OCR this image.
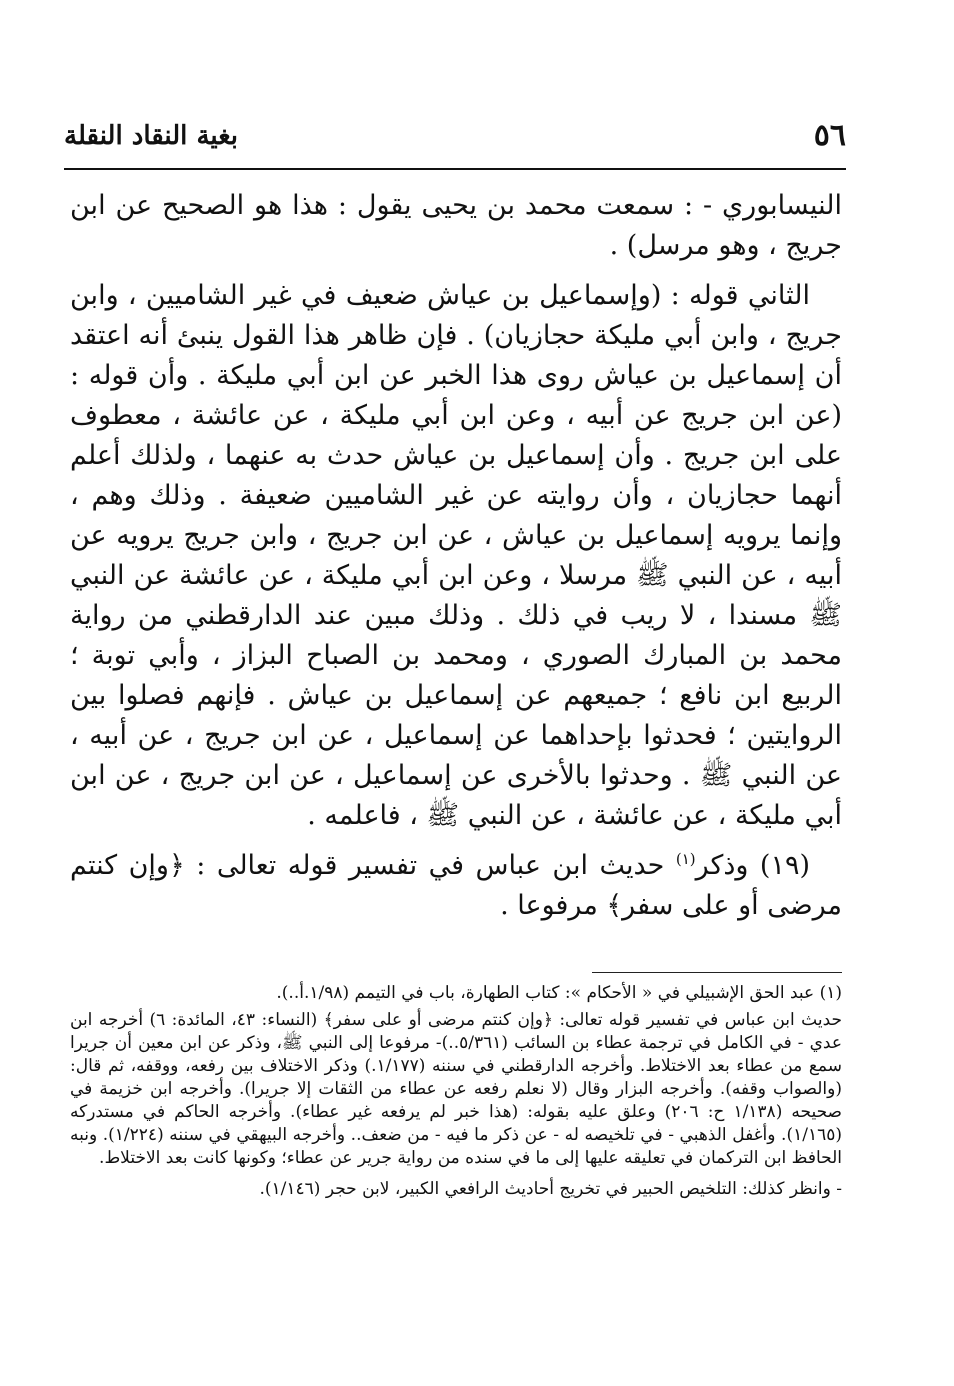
٥٦
بغية النقاد النقلة

النيسابوري - : سمعت محمد بن يحيى يقول : هذا هو الصحيح عن ابن جريج ، وهو مرسل) .

الثاني قوله : (وإسماعيل بن عياش ضعيف في غير الشاميين ، وابن جريج ، وابن أبي مليكة حجازيان) . فإن ظاهر هذا القول ينبئ أنه اعتقد أن إسماعيل بن عياش روى هذا الخبر عن ابن أبي مليكة . وأن قوله : (عن ابن جريج عن أبيه ، وعن ابن أبي مليكة ، عن عائشة ، معطوف على ابن جريج . وأن إسماعيل بن عياش حدث به عنهما ، ولذلك أعلم أنهما حجازيان ، وأن روايته عن غير الشاميين ضعيفة . وذلك وهم ، وإنما يرويه إسماعيل بن عياش ، عن ابن جريج ، وابن جريج يرويه عن أبيه ، عن النبي ﷺ مرسلا ، وعن ابن أبي مليكة ، عن عائشة عن النبي ﷺ مسندا ، لا ريب في ذلك . وذلك مبين عند الدارقطني من رواية محمد بن المبارك الصوري ، ومحمد بن الصباح البزاز ، وأبي توبة ؛ الربيع ابن نافع ؛ جميعهم عن إسماعيل بن عياش . فإنهم فصلوا بين الروايتين ؛ فحدثوا بإحداهما عن إسماعيل ، عن ابن جريج ، عن أبيه ، عن النبي ﷺ . وحدثوا بالأخرى عن إسماعيل ، عن ابن جريج ، عن ابن أبي مليكة ، عن عائشة ، عن النبي ﷺ ، فاعلمه .

(١٩) وذكر$^{(١)}$ حديث ابن عباس في تفسير قوله تعالى : ﴿وإن كنتم مرضى أو على سفر﴾ مرفوعا .

(١) عبد الحق الإشبيلي في « الأحكام »: كتاب الطهارة، باب في التيمم (١/٩٨.أ..).

حديث ابن عباس في تفسير قوله تعالى: ﴿وإن كنتم مرضى أو على سفر﴾ (النساء: ٤٣، المائدة: ٦) أخرجه ابن عدي - في الكامل في ترجمة عطاء بن السائب (٥/٣٦١..)- مرفوعا إلى النبي ﷺ، وذكر عن ابن معين أن جريرا سمع من عطاء بعد الاختلاط. وأخرجه الدارقطني في سننه (١/١٧٧.) وذكر الاختلاف بين رفعه، ووقفه، ثم قال: (والصواب وقفه). وأخرجه البزار وقال (لا نعلم رفعه عن عطاء من الثقات إلا جريرا). وأخرجه ابن خزيمة في صحيحه (١/١٣٨ ح: ٢٠٦) وعلق عليه بقوله: (هذا خبر لم يرفعه غير عطاء). وأخرجه الحاكم في مستدركه (١/١٦٥). وأغفل الذهبي - في تلخيصه له - عن ذكر ما فيه - من ضعف.. وأخرجه البيهقي في سننه (١/٢٢٤). ونبه الحافظ ابن التركمان في تعليقه عليها إلى ما في سنده من رواية جرير عن عطاء؛ وكونها كانت بعد الاختلاط.

- وانظر كذلك: التلخيص الحبير في تخريج أحاديث الرافعي الكبير، لابن حجر (١/١٤٦).
